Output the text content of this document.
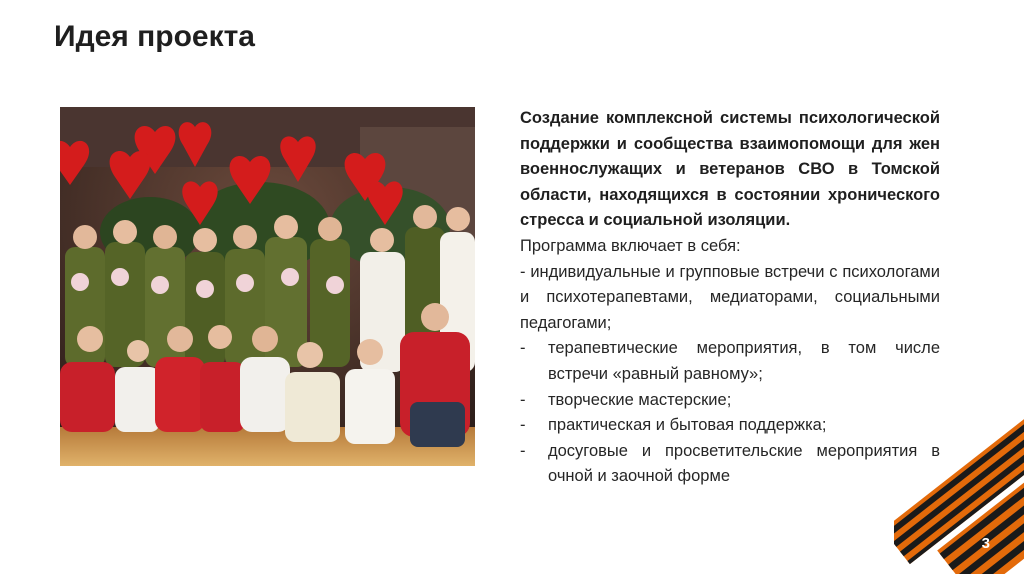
Идея проекта

Создание комплексной системы психологической поддержки и сообщества взаимопомощи для жен военнослужащих и ветеранов СВО в Томской области, находящихся в состоянии хронического стресса и социальной изоляции.

Программа включает в себя:

- индивидуальные и групповые встречи с психологами и психотерапевтами, медиаторами, социальными педагогами;

- терапевтические мероприятия, в том числе встречи «равный равному»;

- творческие мастерские;

- практическая и бытовая поддержка;

- досуговые и просветительские мероприятия в очной и заочной форме

3
